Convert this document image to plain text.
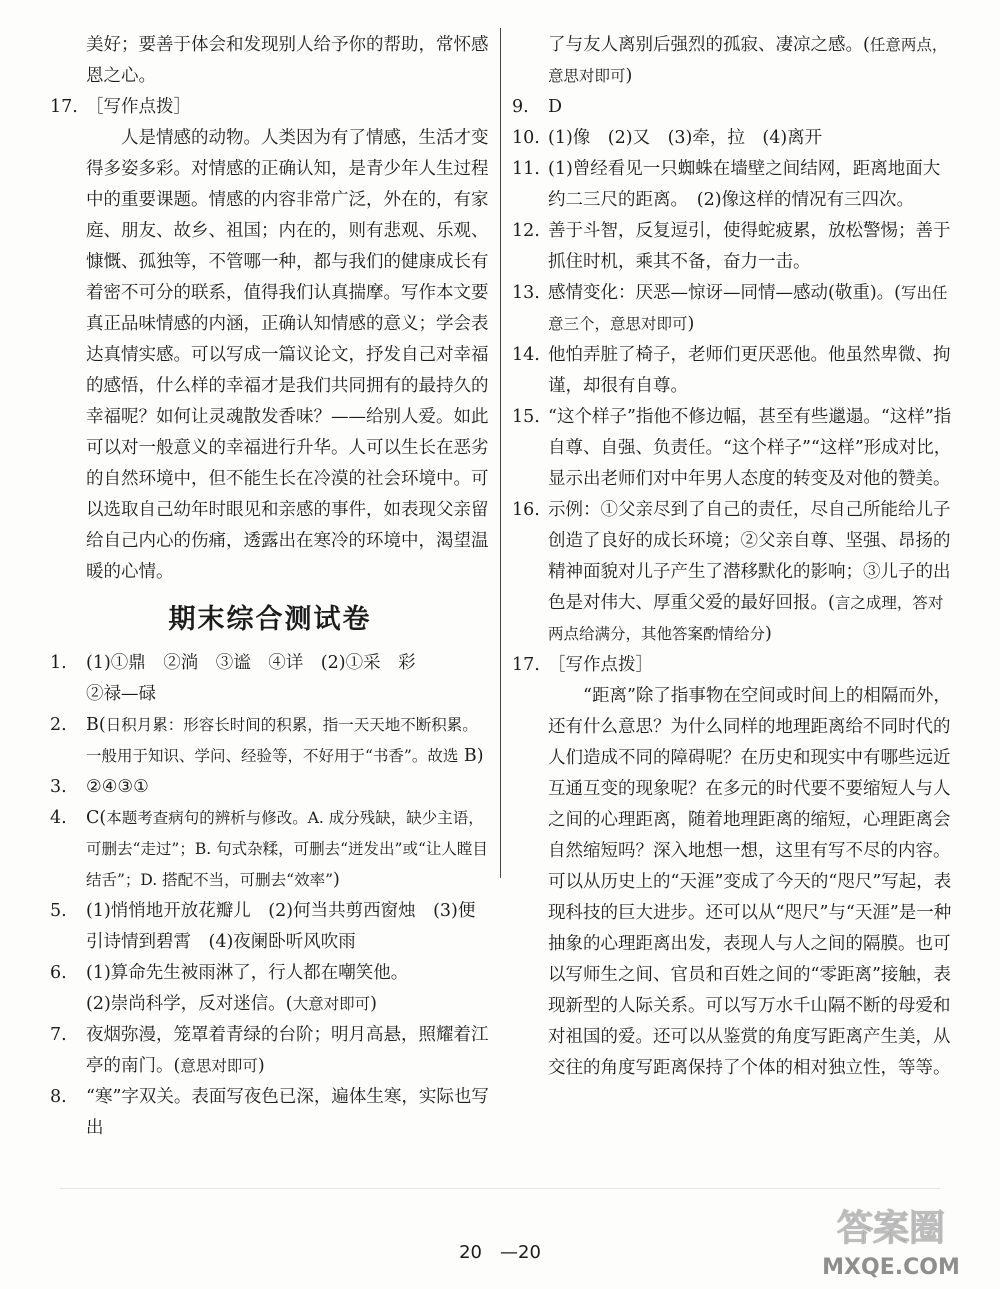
美好；要善于体会和发现别人给予你的帮助，常怀感
恩之心。

17. ［写作点拨］

人是情感的动物。人类因为有了情感，生活才变得多姿多彩。对情感的正确认知，是青少年人生过程中的重要课题。情感的内容非常广泛，外在的，有家庭、朋友、故乡、祖国；内在的，则有悲观、乐观、慷慨、孤独等，不管哪一种，都与我们的健康成长有着密不可分的联系，值得我们认真揣摩。写作本文要真正品味情感的内涵，正确认知情感的意义；学会表达真情实感。可以写成一篇议论文，抒发自己对幸福的感悟，什么样的幸福才是我们共同拥有的最持久的幸福呢？如何让灵魂散发香味？——给别人爱。如此可以对一般意义的幸福进行升华。人可以生长在恶劣的自然环境中，但不能生长在冷漠的社会环境中。可以选取自己幼年时眼见和亲感的事件，如表现父亲留给自己内心的伤痛，透露出在寒冷的环境中，渴望温暖的心情。

期末综合测试卷

1. (1)①鼎　②淌　③谧　④详　(2)①采　彩
②禄—碌

2. B(日积月累：形容长时间的积累，指一天天地不断积累。一般用于知识、学问、经验等，不好用于“书香”。故选 B)

3. ②④③①

4. C(本题考查病句的辨析与修改。A. 成分残缺，缺少主语，可删去“走过”；B. 句式杂糅，可删去“迸发出”或“让人瞠目结舌”；D. 搭配不当，可删去“效率”)

5. (1)悄悄地开放花瓣儿　(2)何当共剪西窗烛　(3)便引诗情到碧霄　(4)夜阑卧听风吹雨

6. (1)算命先生被雨淋了，行人都在嘲笑他。
(2)崇尚科学，反对迷信。(大意对即可)

7. 夜烟弥漫，笼罩着青绿的台阶；明月高悬，照耀着江亭的南门。(意思对即可)

8. “寒”字双关。表面写夜色已深，遍体生寒，实际也写出

了与友人离别后强烈的孤寂、凄凉之感。(任意两点，意思对即可)

9. D

10. (1)像　(2)又　(3)牵，拉　(4)离开

11. (1)曾经看见一只蜘蛛在墙壁之间结网，距离地面大约二三尺的距离。　(2)像这样的情况有三四次。

12. 善于斗智，反复逗引，使得蛇疲累，放松警惕；善于抓住时机，乘其不备，奋力一击。

13. 感情变化：厌恶—惊讶—同情—感动(敬重)。(写出任意三个，意思对即可)

14. 他怕弄脏了椅子，老师们更厌恶他。他虽然卑微、拘谨，却很有自尊。

15. “这个样子”指他不修边幅，甚至有些邋遢。“这样”指自尊、自强、负责任。“这个样子”“这样”形成对比，显示出老师们对中年男人态度的转变及对他的赞美。

16. 示例：①父亲尽到了自己的责任，尽自己所能给儿子创造了良好的成长环境；②父亲自尊、坚强、昂扬的精神面貌对儿子产生了潜移默化的影响；③儿子的出色是对伟大、厚重父爱的最好回报。(言之成理，答对两点给满分，其他答案酌情给分)

17. ［写作点拨］

“距离”除了指事物在空间或时间上的相隔而外，还有什么意思？为什么同样的地理距离给不同时代的人们造成不同的障碍呢？在历史和现实中有哪些远近互通互变的现象呢？在多元的时代要不要缩短人与人之间的心理距离，随着地理距离的缩短，心理距离会自然缩短吗？深入地想一想，这里有写不尽的内容。可以从历史上的“天涯”变成了今天的“咫尺”写起，表现科技的巨大进步。还可以从“咫尺”与“天涯”是一种抽象的心理距离出发，表现人与人之间的隔膜。也可以写师生之间、官员和百姓之间的“零距离”接触，表现新型的人际关系。可以写万水千山隔不断的母爱和对祖国的爱。还可以从鉴赏的角度写距离产生美，从交往的角度写距离保持了个体的相对独立性，等等。

20　—20
答案圈
MXQE.COM
